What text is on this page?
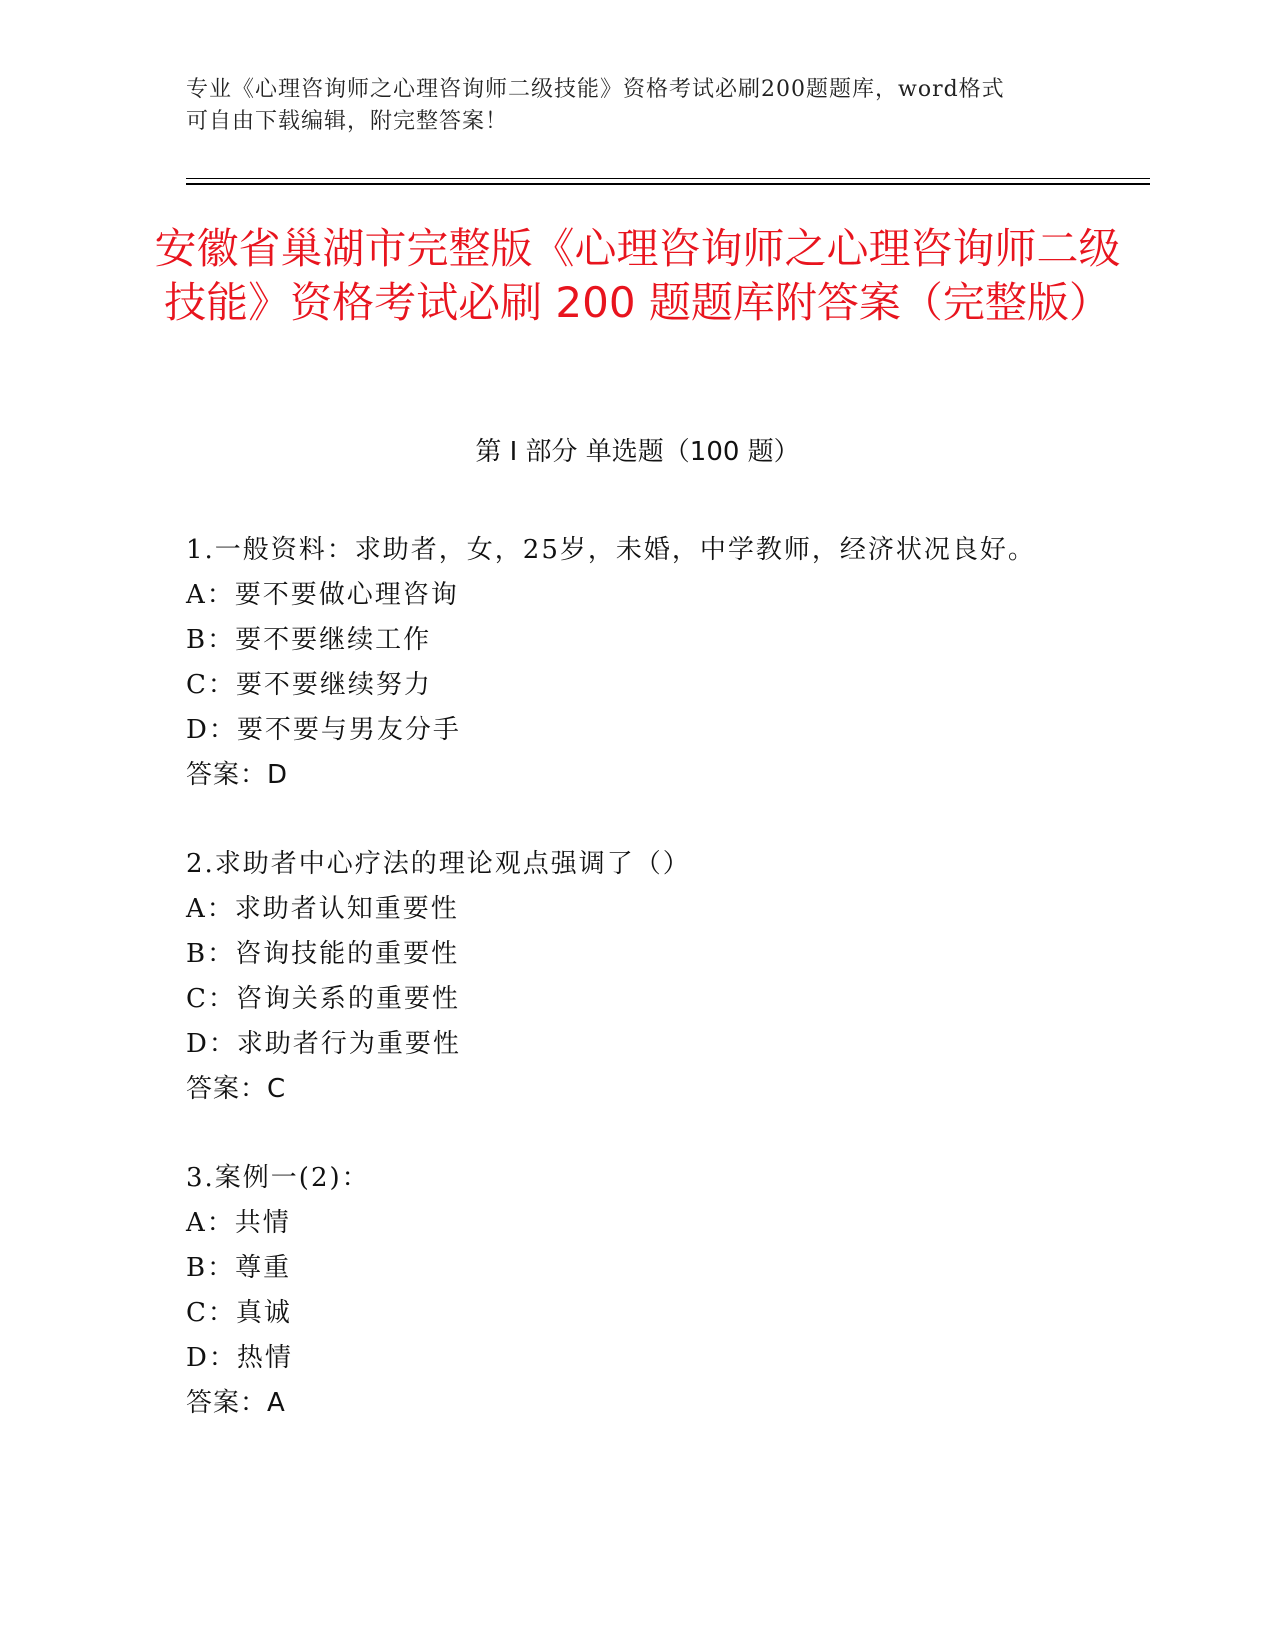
专业《心理咨询师之心理咨询师二级技能》资格考试必刷200题题库，word格式
可自由下载编辑，附完整答案！
安徽省巢湖市完整版《心理咨询师之心理咨询师二级技能》资格考试必刷 200 题题库附答案（完整版）
第 I 部分 单选题（100 题）
1.一般资料：求助者，女，25岁，未婚，中学教师，经济状况良好。
A：要不要做心理咨询
B：要不要继续工作
C：要不要继续努力
D：要不要与男友分手
答案：D
2.求助者中心疗法的理论观点强调了（）
A：求助者认知重要性
B：咨询技能的重要性
C：咨询关系的重要性
D：求助者行为重要性
答案：C
3.案例一(2)：
A：共情
B：尊重
C：真诚
D：热情
答案：A
